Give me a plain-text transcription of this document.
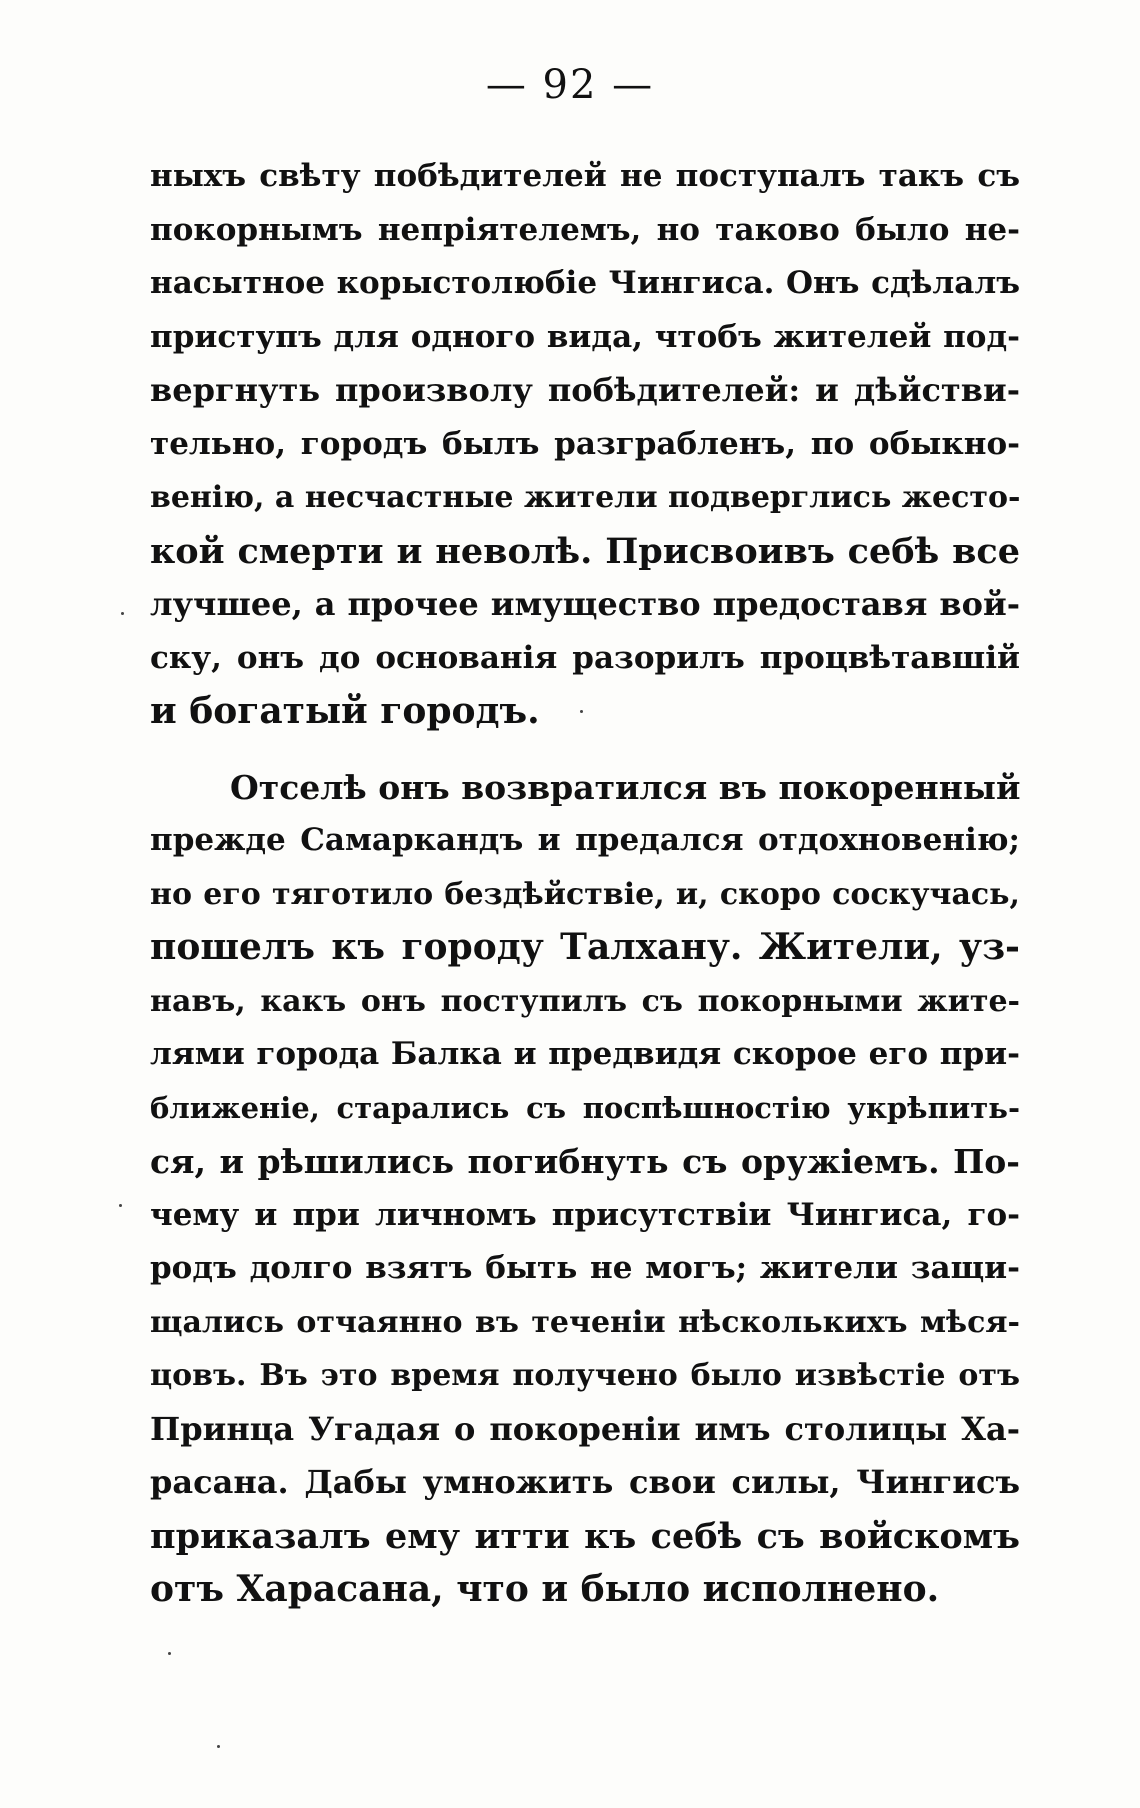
— 92 —
ныхъ свѣту побѣдителей не поступалъ такъ съ
покорнымъ непріятелемъ, но таково было не-
насытное корыстолюбіе Чингиса. Онъ сдѣлалъ
приступъ для одного вида, чтобъ жителей под-
вергнуть произволу побѣдителей: и дѣйстви-
тельно, городъ былъ разграбленъ, по обыкно-
венію, а несчастные жители подверглись жесто-
кой смерти и неволѣ. Присвоивъ себѣ все
лучшее, а прочее имущество предоставя вой-
ску, онъ до основанія разорилъ процвѣтавшій
и богатый городъ.
Отселѣ онъ возвратился въ покоренный
прежде Самаркандъ и предался отдохновенію;
но его тяготило бездѣйствіе, и, скоро соскучась,
пошелъ къ городу Талхану. Жители, уз-
навъ, какъ онъ поступилъ съ покорными жите-
лями города Балка и предвидя скорое его при-
ближеніе, старались съ поспѣшностію укрѣпить-
ся, и рѣшились погибнуть съ оружіемъ. По-
чему и при личномъ присутствіи Чингиса, го-
родъ долго взятъ быть не могъ; жители защи-
щались отчаянно въ теченіи нѣсколькихъ мѣся-
цовъ. Въ это время получено было извѣстіе отъ
Принца Угадая о покореніи имъ столицы Ха-
расана. Дабы умножить свои силы, Чингисъ
приказалъ ему итти къ себѣ съ войскомъ
отъ Харасана, что и было исполнено.
